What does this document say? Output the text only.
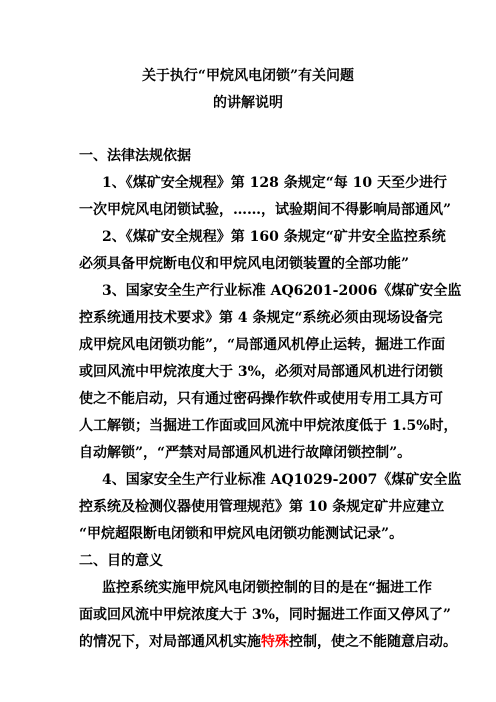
关于执行“甲烷风电闭锁”有关问题
的讲解说明
一、法律法规依据
1、《煤矿安全规程》第 128 条规定“每 10 天至少进行
一次甲烷风电闭锁试验，……，试验期间不得影响局部通风”
2、《煤矿安全规程》第 160 条规定“矿井安全监控系统
必须具备甲烷断电仪和甲烷风电闭锁装置的全部功能”
3、国家安全生产行业标准 AQ6201-2006《煤矿安全监
控系统通用技术要求》第 4 条规定“系统必须由现场设备完
成甲烷风电闭锁功能”，“局部通风机停止运转，掘进工作面
或回风流中甲烷浓度大于 3%，必须对局部通风机进行闭锁
使之不能启动，只有通过密码操作软件或使用专用工具方可
人工解锁；当掘进工作面或回风流中甲烷浓度低于 1.5%时，
自动解锁”，“严禁对局部通风机进行故障闭锁控制”。
4、国家安全生产行业标准 AQ1029-2007《煤矿安全监
控系统及检测仪器使用管理规范》第 10 条规定矿井应建立
“甲烷超限断电闭锁和甲烷风电闭锁功能测试记录”。
二、目的意义
监控系统实施甲烷风电闭锁控制的目的是在“掘进工作
面或回风流中甲烷浓度大于 3%，同时掘进工作面又停风了”
的情况下，对局部通风机实施特殊控制，使之不能随意启动。
